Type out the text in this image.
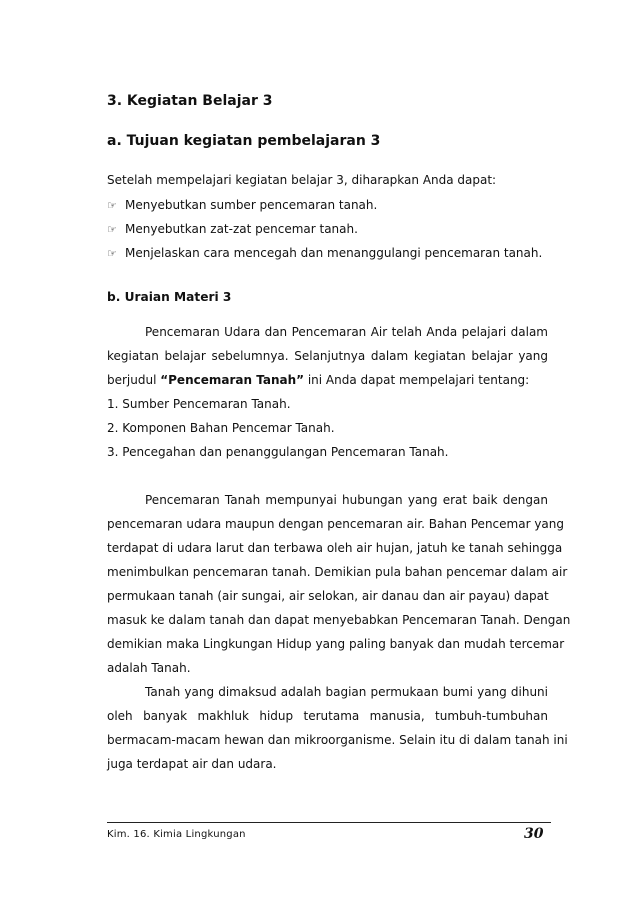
3. Kegiatan Belajar 3
a. Tujuan kegiatan pembelajaran 3
Setelah mempelajari kegiatan belajar 3, diharapkan Anda dapat:
☞ Menyebutkan sumber pencemaran tanah.
☞ Menyebutkan zat-zat pencemar tanah.
☞ Menjelaskan cara mencegah dan menanggulangi pencemaran tanah.
b. Uraian Materi 3
Pencemaran Udara dan Pencemaran Air telah Anda pelajari dalam
kegiatan belajar sebelumnya. Selanjutnya dalam kegiatan belajar yang
berjudul “Pencemaran Tanah” ini Anda dapat mempelajari tentang:
1. Sumber Pencemaran Tanah.
2. Komponen Bahan Pencemar Tanah.
3. Pencegahan dan penanggulangan Pencemaran Tanah.
Pencemaran Tanah mempunyai hubungan yang erat baik dengan
pencemaran udara maupun dengan pencemaran air. Bahan Pencemar yang
terdapat di udara larut dan terbawa oleh air hujan, jatuh ke tanah sehingga
menimbulkan pencemaran tanah. Demikian pula bahan pencemar dalam air
permukaan tanah (air sungai, air selokan, air danau dan air payau) dapat
masuk ke dalam tanah dan dapat menyebabkan Pencemaran Tanah. Dengan
demikian maka Lingkungan Hidup yang paling banyak dan mudah tercemar
adalah Tanah.
Tanah yang dimaksud adalah bagian permukaan bumi yang dihuni
oleh banyak makhluk hidup terutama manusia, tumbuh-tumbuhan
bermacam-macam hewan dan mikroorganisme. Selain itu di dalam tanah ini
juga terdapat air dan udara.
Kim. 16. Kimia Lingkungan	30
